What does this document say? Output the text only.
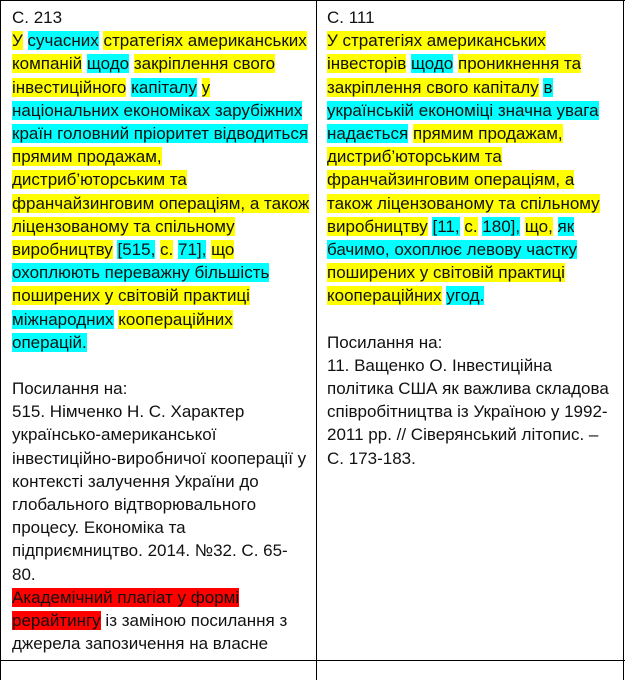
С. 213

У сучасних стратегіях американських компаній щодо закріплення свого інвестиційного капіталу у національних економіках зарубіжних країн головний пріоритет відводиться прямим продажам, дистриб’юторським та франчайзинговим операціям, а також ліцензованому та спільному виробництву [515, с. 71], що охоплюють переважну більшість поширених у світовій практиці міжнародних коопераційних операцій.

Посилання на:

515. Німченко Н. С. Характер українсько-американської інвестиційно-виробничої кооперації у контексті залучення України до глобального відтворювального процесу. Економіка та підприємництво. 2014. №32. С. 65-80.

Академічний плагіат у формі рерайтингу із заміною посилання з джерела запозичення на власне

С. 111

У стратегіях американських інвесторів щодо проникнення та закріплення свого капіталу в українській економіці значна увага надається прямим продажам, дистриб’юторським та франчайзинговим операціям, а також ліцензованому та спільному виробництву [11, с. 180], що, як бачимо, охоплює левову частку поширених у світовій практиці коопераційних угод.

Посилання на:

11. Ващенко О. Інвестиційна політика США як важлива складова співробітництва із Україною у 1992-2011 рр. // Сіверянський літопис. – С. 173-183.
